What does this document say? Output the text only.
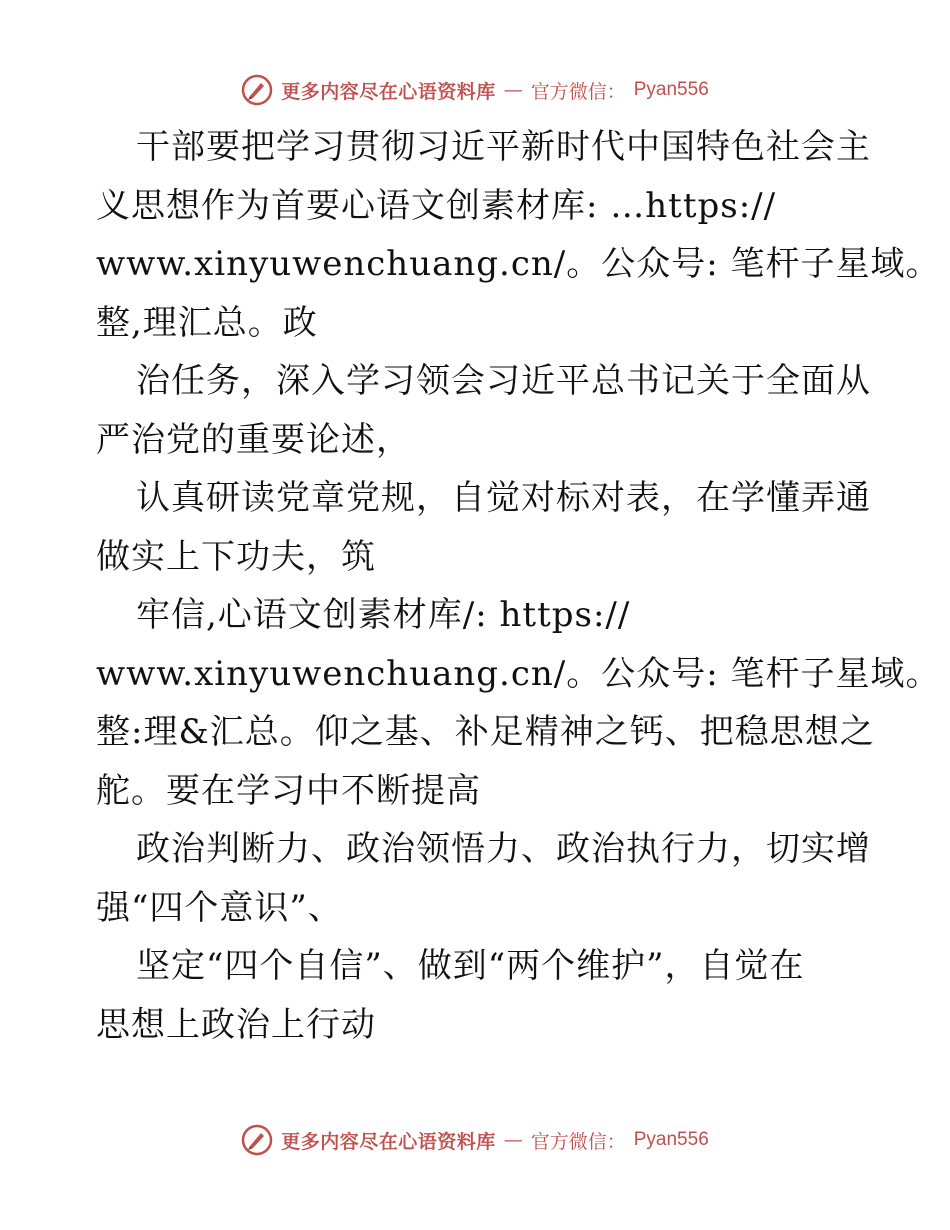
更多内容尽在心语资料库 — 官方微信： Pyan556
干部要把学习贯彻习近平新时代中国特色社会主
义思想作为首要心语文创素材库: …https://
www.xinyuwenchuang.cn/。公众号: 笔杆子星域。
整,理汇总。政
治任务，深入学习领会习近平总书记关于全面从
严治党的重要论述，
认真研读党章党规，自觉对标对表，在学懂弄通
做实上下功夫，筑
牢信,心语文创素材库/: https://
www.xinyuwenchuang.cn/。公众号: 笔杆子星域。
整:理&汇总。仰之基、补足精神之钙、把稳思想之
舵。要在学习中不断提高
政治判断力、政治领悟力、政治执行力，切实增
强“四个意识”、
坚定“四个自信”、做到“两个维护”，自觉在
思想上政治上行动
更多内容尽在心语资料库 — 官方微信： Pyan556
